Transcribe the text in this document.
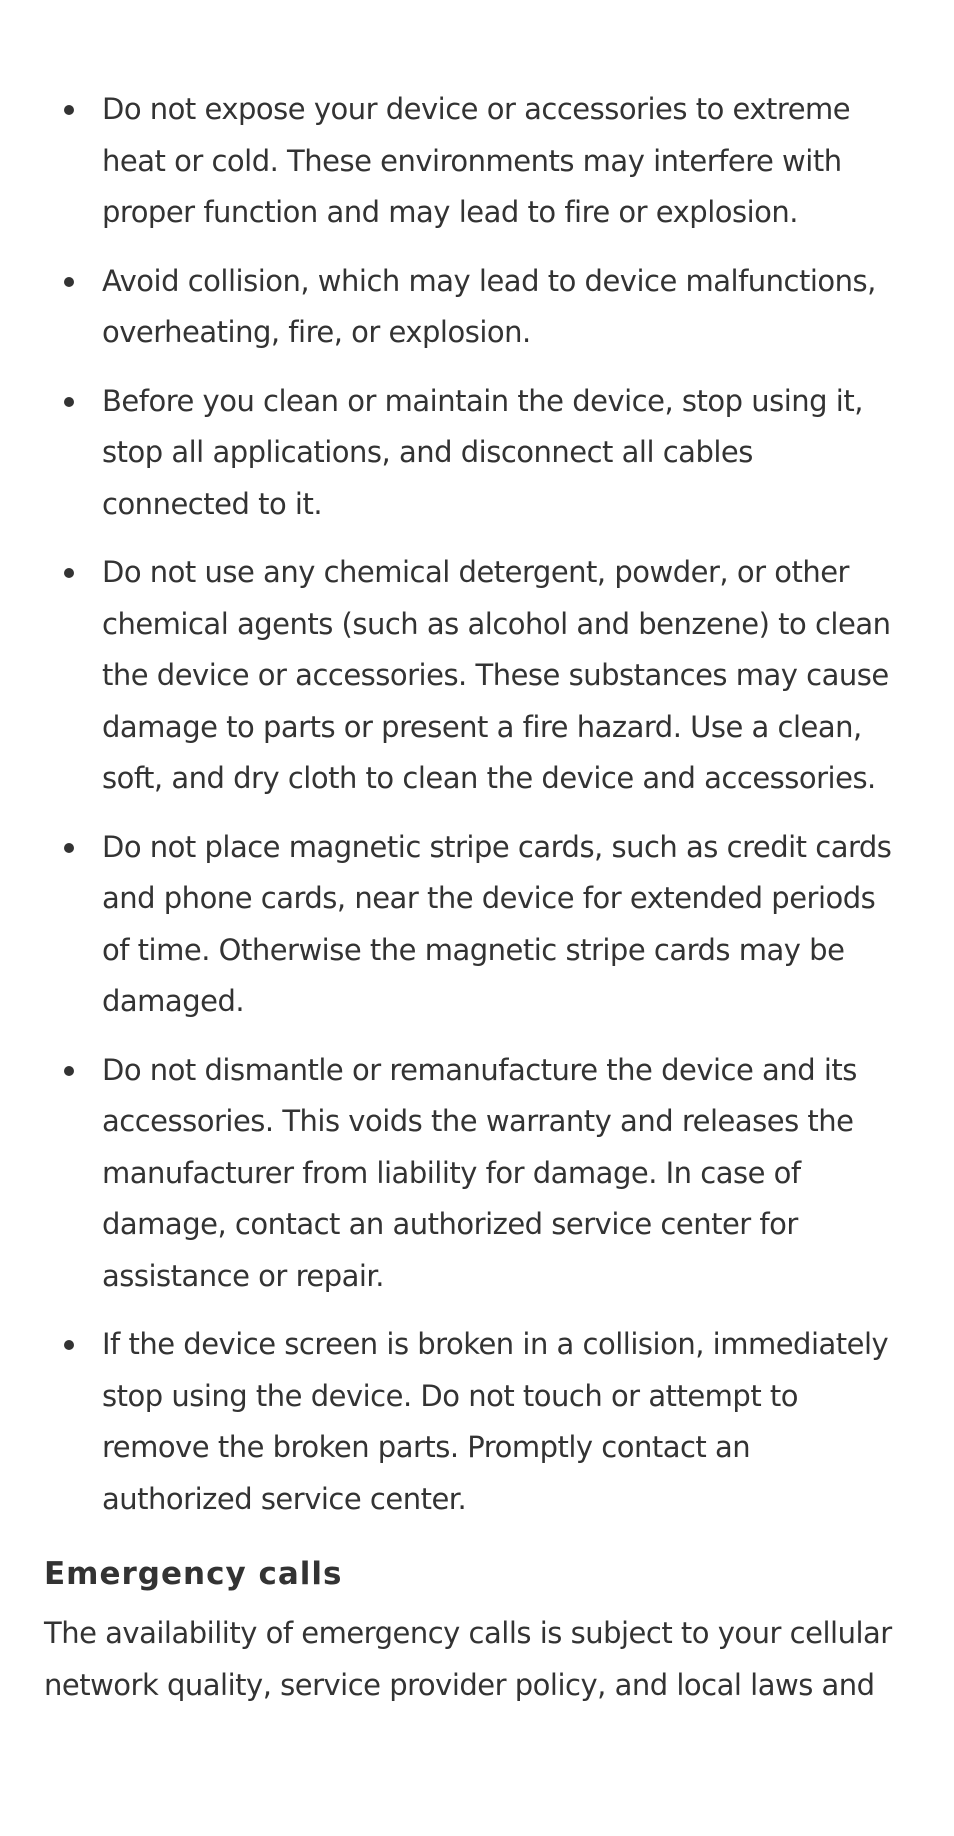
Do not expose your device or accessories to extreme heat or cold. These environments may interfere with proper function and may lead to fire or explosion.
Avoid collision, which may lead to device malfunctions, overheating, fire, or explosion.
Before you clean or maintain the device, stop using it, stop all applications, and disconnect all cables connected to it.
Do not use any chemical detergent, powder, or other chemical agents (such as alcohol and benzene) to clean the device or accessories. These substances may cause damage to parts or present a fire hazard. Use a clean, soft, and dry cloth to clean the device and accessories.
Do not place magnetic stripe cards, such as credit cards and phone cards, near the device for extended periods of time. Otherwise the magnetic stripe cards may be damaged.
Do not dismantle or remanufacture the device and its accessories. This voids the warranty and releases the manufacturer from liability for damage. In case of damage, contact an authorized service center for assistance or repair.
If the device screen is broken in a collision, immediately stop using the device. Do not touch or attempt to remove the broken parts. Promptly contact an authorized service center.
Emergency calls

The availability of emergency calls is subject to your cellular network quality, service provider policy, and local laws and
